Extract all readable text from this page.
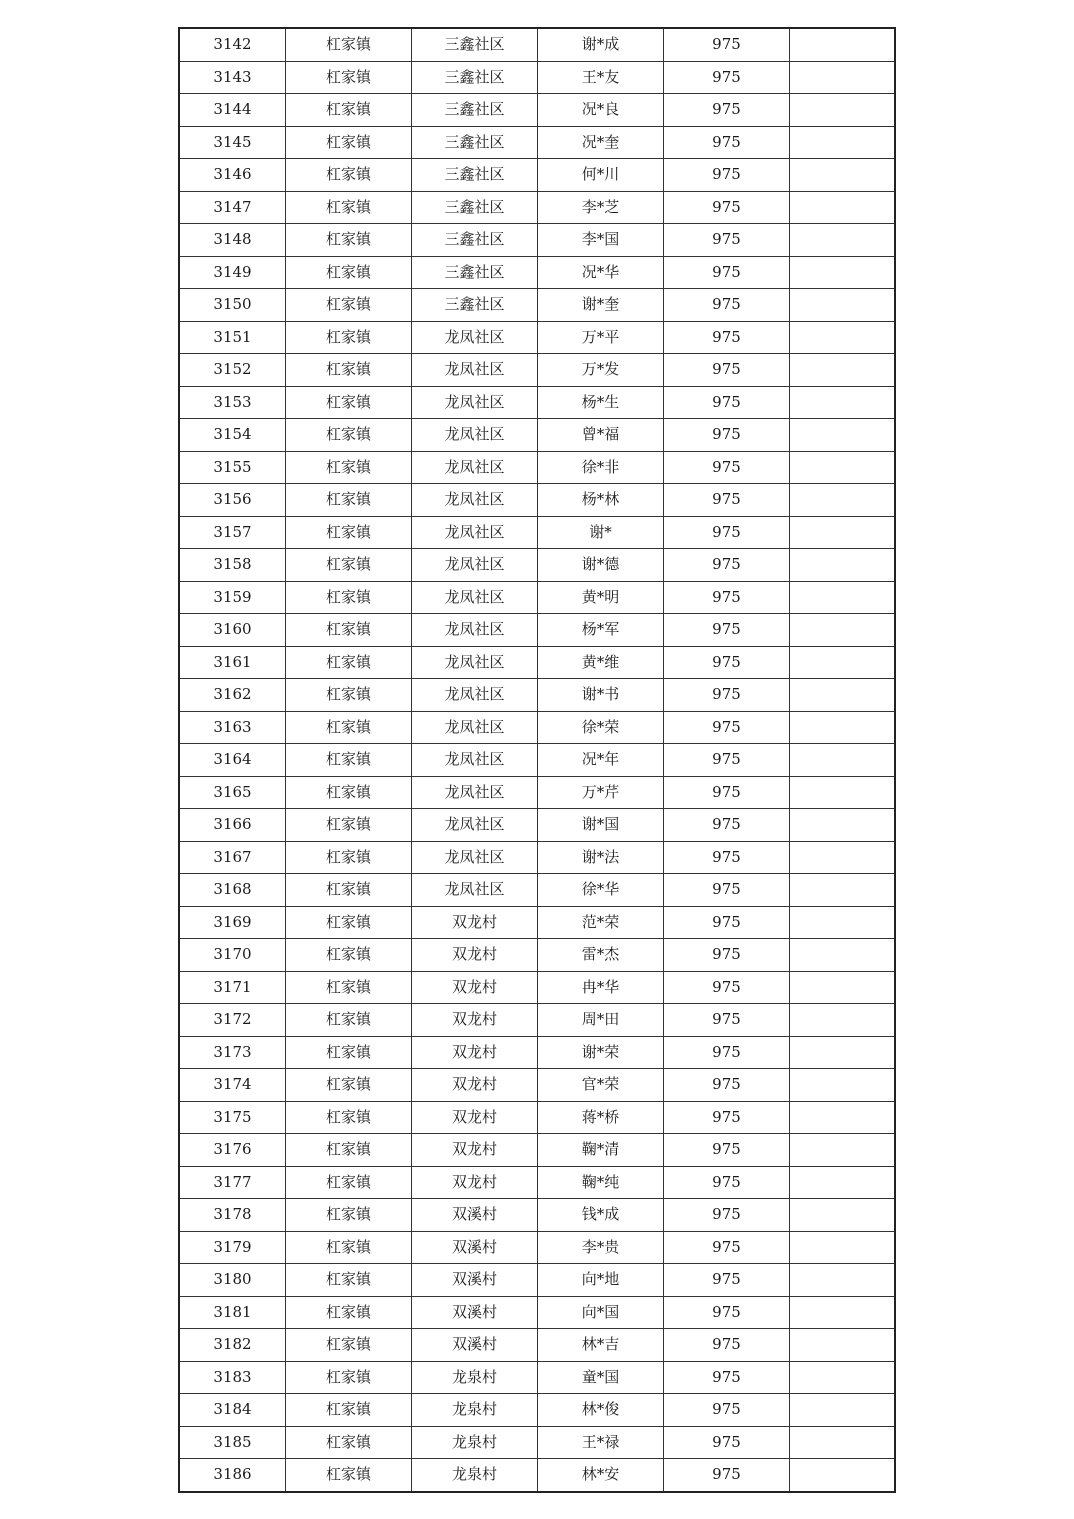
3142	杠家镇	三鑫社区	谢*成	975	
3143	杠家镇	三鑫社区	王*友	975	
3144	杠家镇	三鑫社区	况*良	975	
3145	杠家镇	三鑫社区	况*奎	975	
3146	杠家镇	三鑫社区	何*川	975	
3147	杠家镇	三鑫社区	李*芝	975	
3148	杠家镇	三鑫社区	李*国	975	
3149	杠家镇	三鑫社区	况*华	975	
3150	杠家镇	三鑫社区	谢*奎	975	
3151	杠家镇	龙凤社区	万*平	975	
3152	杠家镇	龙凤社区	万*发	975	
3153	杠家镇	龙凤社区	杨*生	975	
3154	杠家镇	龙凤社区	曾*福	975	
3155	杠家镇	龙凤社区	徐*非	975	
3156	杠家镇	龙凤社区	杨*林	975	
3157	杠家镇	龙凤社区	谢*	975	
3158	杠家镇	龙凤社区	谢*德	975	
3159	杠家镇	龙凤社区	黄*明	975	
3160	杠家镇	龙凤社区	杨*军	975	
3161	杠家镇	龙凤社区	黄*维	975	
3162	杠家镇	龙凤社区	谢*书	975	
3163	杠家镇	龙凤社区	徐*荣	975	
3164	杠家镇	龙凤社区	况*年	975	
3165	杠家镇	龙凤社区	万*芹	975	
3166	杠家镇	龙凤社区	谢*国	975	
3167	杠家镇	龙凤社区	谢*法	975	
3168	杠家镇	龙凤社区	徐*华	975	
3169	杠家镇	双龙村	范*荣	975	
3170	杠家镇	双龙村	雷*杰	975	
3171	杠家镇	双龙村	冉*华	975	
3172	杠家镇	双龙村	周*田	975	
3173	杠家镇	双龙村	谢*荣	975	
3174	杠家镇	双龙村	官*荣	975	
3175	杠家镇	双龙村	蒋*桥	975	
3176	杠家镇	双龙村	鞠*清	975	
3177	杠家镇	双龙村	鞠*纯	975	
3178	杠家镇	双溪村	钱*成	975	
3179	杠家镇	双溪村	李*贵	975	
3180	杠家镇	双溪村	向*地	975	
3181	杠家镇	双溪村	向*国	975	
3182	杠家镇	双溪村	林*吉	975	
3183	杠家镇	龙泉村	童*国	975	
3184	杠家镇	龙泉村	林*俊	975	
3185	杠家镇	龙泉村	王*禄	975	
3186	杠家镇	龙泉村	林*安	975	
